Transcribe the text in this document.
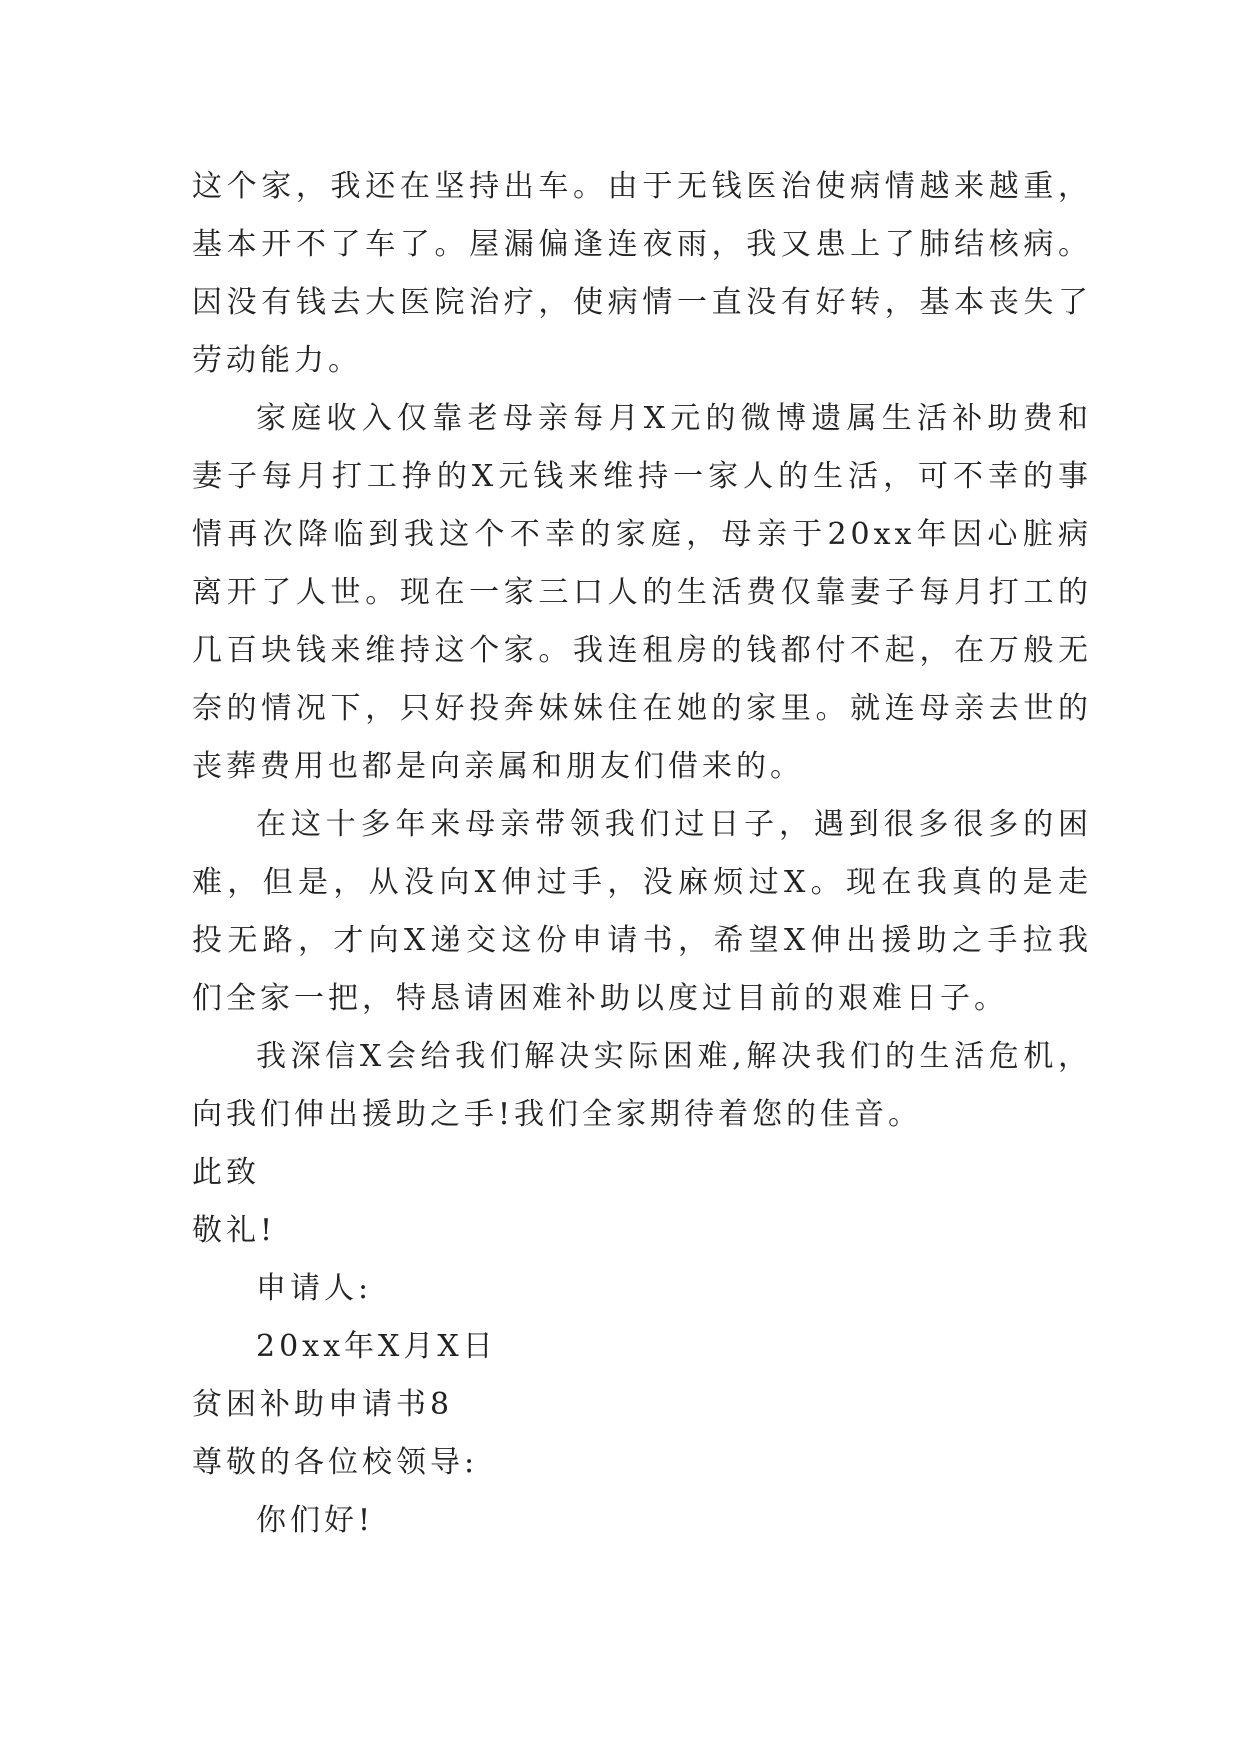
这个家，我还在坚持出车。由于无钱医治使病情越来越重，基本开不了车了。屋漏偏逢连夜雨，我又患上了肺结核病。因没有钱去大医院治疗，使病情一直没有好转，基本丧失了劳动能力。

家庭收入仅靠老母亲每月X元的微博遗属生活补助费和妻子每月打工挣的X元钱来维持一家人的生活，可不幸的事情再次降临到我这个不幸的家庭，母亲于20xx年因心脏病离开了人世。现在一家三口人的生活费仅靠妻子每月打工的几百块钱来维持这个家。我连租房的钱都付不起，在万般无奈的情况下，只好投奔妹妹住在她的家里。就连母亲去世的丧葬费用也都是向亲属和朋友们借来的。

在这十多年来母亲带领我们过日子，遇到很多很多的困难，但是，从没向X伸过手，没麻烦过X。现在我真的是走投无路，才向X递交这份申请书，希望X伸出援助之手拉我们全家一把，特恳请困难补助以度过目前的艰难日子。

我深信X会给我们解决实际困难,解决我们的生活危机，向我们伸出援助之手!我们全家期待着您的佳音。

此致

敬礼!

申请人:

20xx年X月X日

贫困补助申请书8

尊敬的各位校领导:

你们好!
